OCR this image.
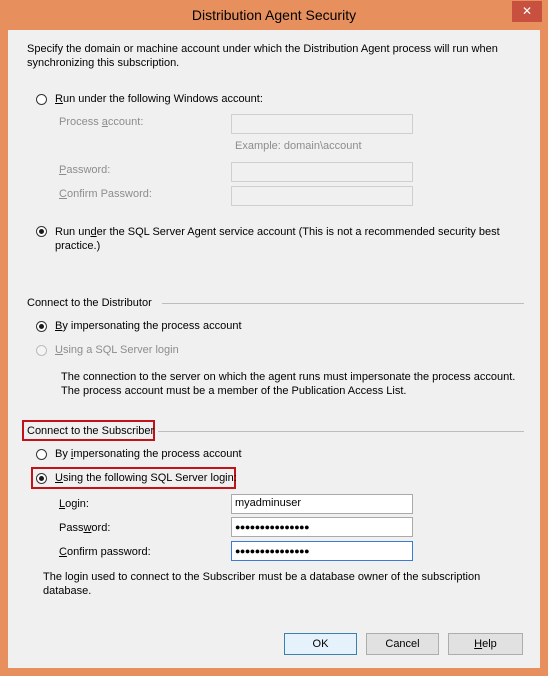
Distribution Agent Security	✕
Specify the domain or machine account under which the Distribution Agent process will run when synchronizing this subscription.
Run under the following Windows account:
Process account:
Example: domain\account
Password:
Confirm Password:
Run under the SQL Server Agent service account (This is not a recommended security best practice.)
Connect to the Distributor
By impersonating the process account
Using a SQL Server login
The connection to the server on which the agent runs must impersonate the process account. The process account must be a member of the Publication Access List.
Connect to the Subscriber
By impersonating the process account
Using the following SQL Server login:
Login:	myadminuser
Password:	●●●●●●●●●●●●●●●
Confirm password:	●●●●●●●●●●●●●●●
The login used to connect to the Subscriber must be a database owner of the subscription database.
OK	Cancel	Help
